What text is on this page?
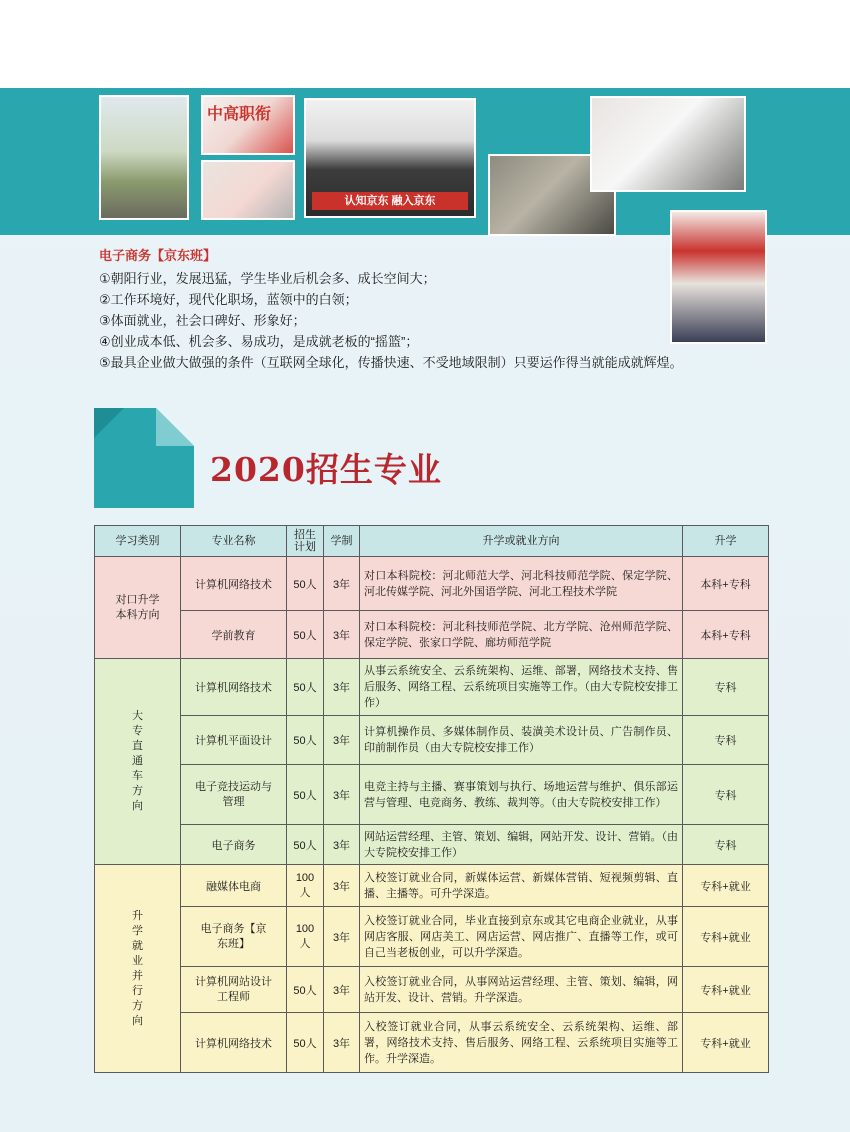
中高职衔
认知京东 融入京东
电子商务【京东班】
①朝阳行业，发展迅猛，学生毕业后机会多、成长空间大；
②工作环境好，现代化职场，蓝领中的白领；
③体面就业，社会口碑好、形象好；
④创业成本低、机会多、易成功，是成就老板的“摇篮”；
⑤最具企业做大做强的条件（互联网全球化，传播快速、不受地域限制）只要运作得当就能成就辉煌。
2020招生专业
学习类别	专业名称	招生计划	学制	升学或就业方向	升学
对口升学本科方向	计算机网络技术	50人	3年	对口本科院校：河北师范大学、河北科技师范学院、保定学院、河北传媒学院、河北外国语学院、河北工程技术学院	本科+专科
	学前教育	50人	3年	对口本科院校：河北科技师范学院、北方学院、沧州师范学院、保定学院、张家口学院、廊坊师范学院	本科+专科
大专直通车方向	计算机网络技术	50人	3年	从事云系统安全、云系统架构、运维、部署，网络技术支持、售后服务、网络工程、云系统项目实施等工作。（由大专院校安排工作）	专科
	计算机平面设计	50人	3年	计算机操作员、多媒体制作员、装潢美术设计员、广告制作员、印前制作员（由大专院校安排工作）	专科
	电子竞技运动与管理	50人	3年	电竞主持与主播、赛事策划与执行、场地运营与维护、俱乐部运营与管理、电竞商务、教练、裁判等。（由大专院校安排工作）	专科
	电子商务	50人	3年	网站运营经理、主管、策划、编辑，网站开发、设计、营销。（由大专院校安排工作）	专科
升学就业并行方向	融媒体电商	100人	3年	入校签订就业合同，新媒体运营、新媒体营销、短视频剪辑、直播、主播等。可升学深造。	专科+就业
	电子商务【京东班】	100人	3年	入校签订就业合同，毕业直接到京东或其它电商企业就业，从事网店客服、网店美工、网店运营、网店推广、直播等工作，或可自己当老板创业，可以升学深造。	专科+就业
	计算机网站设计工程师	50人	3年	入校签订就业合同，从事网站运营经理、主管、策划、编辑，网站开发、设计、营销。升学深造。	专科+就业
	计算机网络技术	50人	3年	入校签订就业合同，从事云系统安全、云系统架构、运维、部署，网络技术支持、售后服务、网络工程、云系统项目实施等工作。升学深造。	专科+就业
